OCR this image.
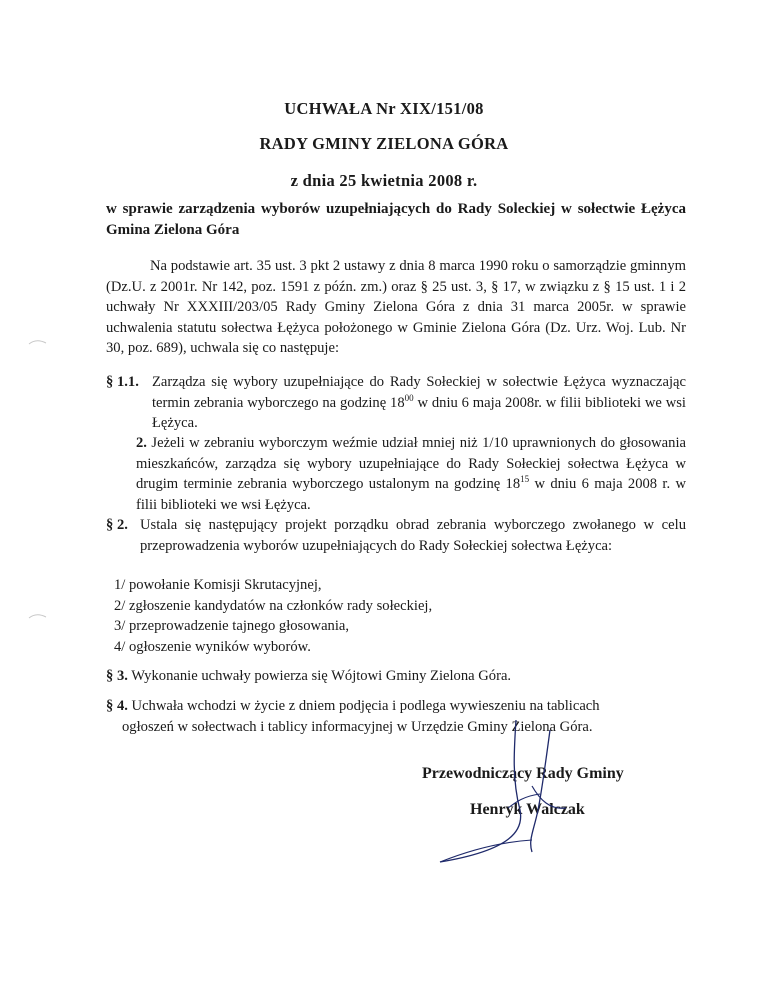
UCHWAŁA Nr XIX/151/08
RADY GMINY ZIELONA GÓRA
z dnia 25 kwietnia 2008 r.
w sprawie zarządzenia wyborów uzupełniających do Rady Soleckiej w sołectwie Łężyca Gmina Zielona Góra
Na podstawie art. 35 ust. 3 pkt 2 ustawy z dnia 8 marca 1990 roku o samorządzie gminnym (Dz.U. z 2001r. Nr 142, poz. 1591 z późn. zm.) oraz § 25 ust. 3, § 17, w związku z § 15 ust. 1 i 2 uchwały Nr XXXIII/203/05 Rady Gminy Zielona Góra z dnia 31 marca 2005r. w sprawie uchwalenia statutu sołectwa Łężyca położonego w Gminie Zielona Góra (Dz. Urz. Woj. Lub. Nr 30, poz. 689), uchwala się co następuje:
§ 1.1. Zarządza się wybory uzupełniające do Rady Sołeckiej w sołectwie Łężyca wyznaczając termin zebrania wyborczego na godzinę $18^{00}$ w dniu 6 maja 2008r. w filii biblioteki we wsi Łężyca.
2. Jeżeli w zebraniu wyborczym weźmie udział mniej niż 1/10 uprawnionych do głosowania mieszkańców, zarządza się wybory uzupełniające do Rady Sołeckiej sołectwa Łężyca w drugim terminie zebrania wyborczego ustalonym na godzinę $18^{15}$ w dniu 6 maja 2008 r. w filii biblioteki we wsi Łężyca.
§ 2. Ustala się następujący projekt porządku obrad zebrania wyborczego zwołanego w celu przeprowadzenia wyborów uzupełniających do Rady Sołeckiej sołectwa Łężyca:
1/ powołanie Komisji Skrutacyjnej,
2/ zgłoszenie kandydatów na członków rady sołeckiej,
3/ przeprowadzenie tajnego głosowania,
4/ ogłoszenie wyników wyborów.
§ 3. Wykonanie uchwały powierza się Wójtowi Gminy Zielona Góra.
§ 4. Uchwała wchodzi w życie z dniem podjęcia i podlega wywieszeniu na tablicach
ogłoszeń w sołectwach i tablicy informacyjnej w Urzędzie Gminy Zielona Góra.
Przewodniczący Rady Gminy
Henryk Walczak
